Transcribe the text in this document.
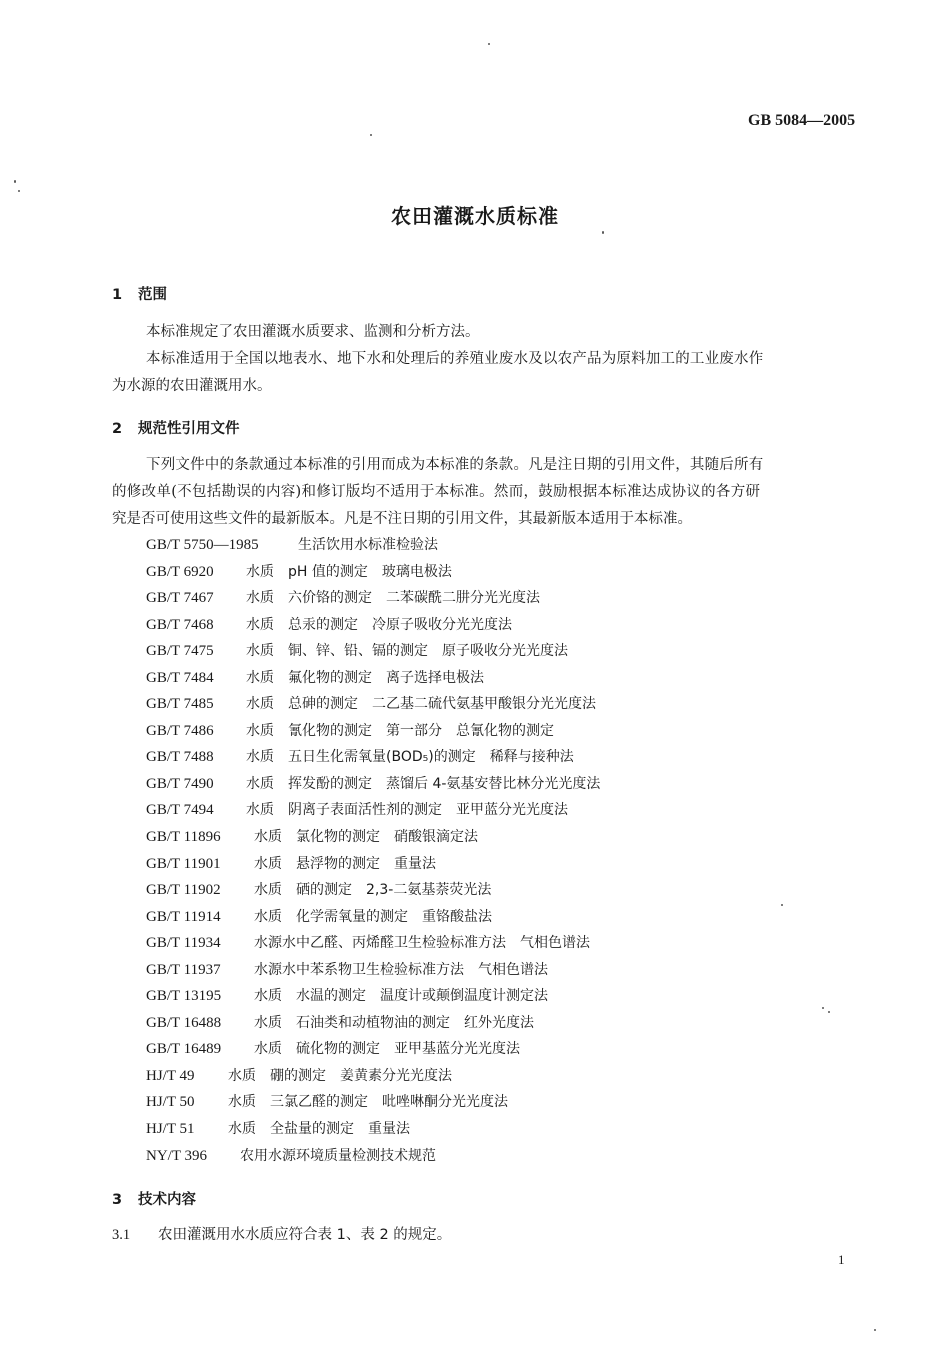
GB 5084—2005
农田灌溉水质标准
1 范围
本标准规定了农田灌溉水质要求、监测和分析方法。
本标准适用于全国以地表水、地下水和处理后的养殖业废水及以农产品为原料加工的工业废水作
为水源的农田灌溉用水。
2 规范性引用文件
下列文件中的条款通过本标准的引用而成为本标准的条款。凡是注日期的引用文件，其随后所有
的修改单(不包括勘误的内容)和修订版均不适用于本标准。然而，鼓励根据本标准达成协议的各方研
究是否可使用这些文件的最新版本。凡是不注日期的引用文件，其最新版本适用于本标准。
GB/T 5750—1985	生活饮用水标准检验法
GB/T 6920 水质　pH 值的测定　玻璃电极法
GB/T 7467 水质　六价铬的测定　二苯碳酰二肼分光光度法
GB/T 7468 水质　总汞的测定　冷原子吸收分光光度法
GB/T 7475 水质　铜、锌、铅、镉的测定　原子吸收分光光度法
GB/T 7484 水质　氟化物的测定　离子选择电极法
GB/T 7485 水质　总砷的测定　二乙基二硫代氨基甲酸银分光光度法
GB/T 7486 水质　氰化物的测定　第一部分　总氰化物的测定
GB/T 7488 水质　五日生化需氧量(BOD₅)的测定　稀释与接种法
GB/T 7490 水质　挥发酚的测定　蒸馏后 4-氨基安替比林分光光度法
GB/T 7494 水质　阴离子表面活性剂的测定　亚甲蓝分光光度法
GB/T 11896 水质　氯化物的测定　硝酸银滴定法
GB/T 11901 水质　悬浮物的测定　重量法
GB/T 11902 水质　硒的测定　2,3-二氨基萘荧光法
GB/T 11914 水质　化学需氧量的测定　重铬酸盐法
GB/T 11934 水源水中乙醛、丙烯醛卫生检验标准方法　气相色谱法
GB/T 11937 水源水中苯系物卫生检验标准方法　气相色谱法
GB/T 13195 水质　水温的测定　温度计或颠倒温度计测定法
GB/T 16488 水质　石油类和动植物油的测定　红外光度法
GB/T 16489 水质　硫化物的测定　亚甲基蓝分光光度法
HJ/T 49 水质　硼的测定　姜黄素分光光度法
HJ/T 50 水质　三氯乙醛的测定　吡唑啉酮分光光度法
HJ/T 51 水质　全盐量的测定　重量法
NY/T 396 农用水源环境质量检测技术规范
3 技术内容
3.1 农田灌溉用水水质应符合表 1、表 2 的规定。
1
